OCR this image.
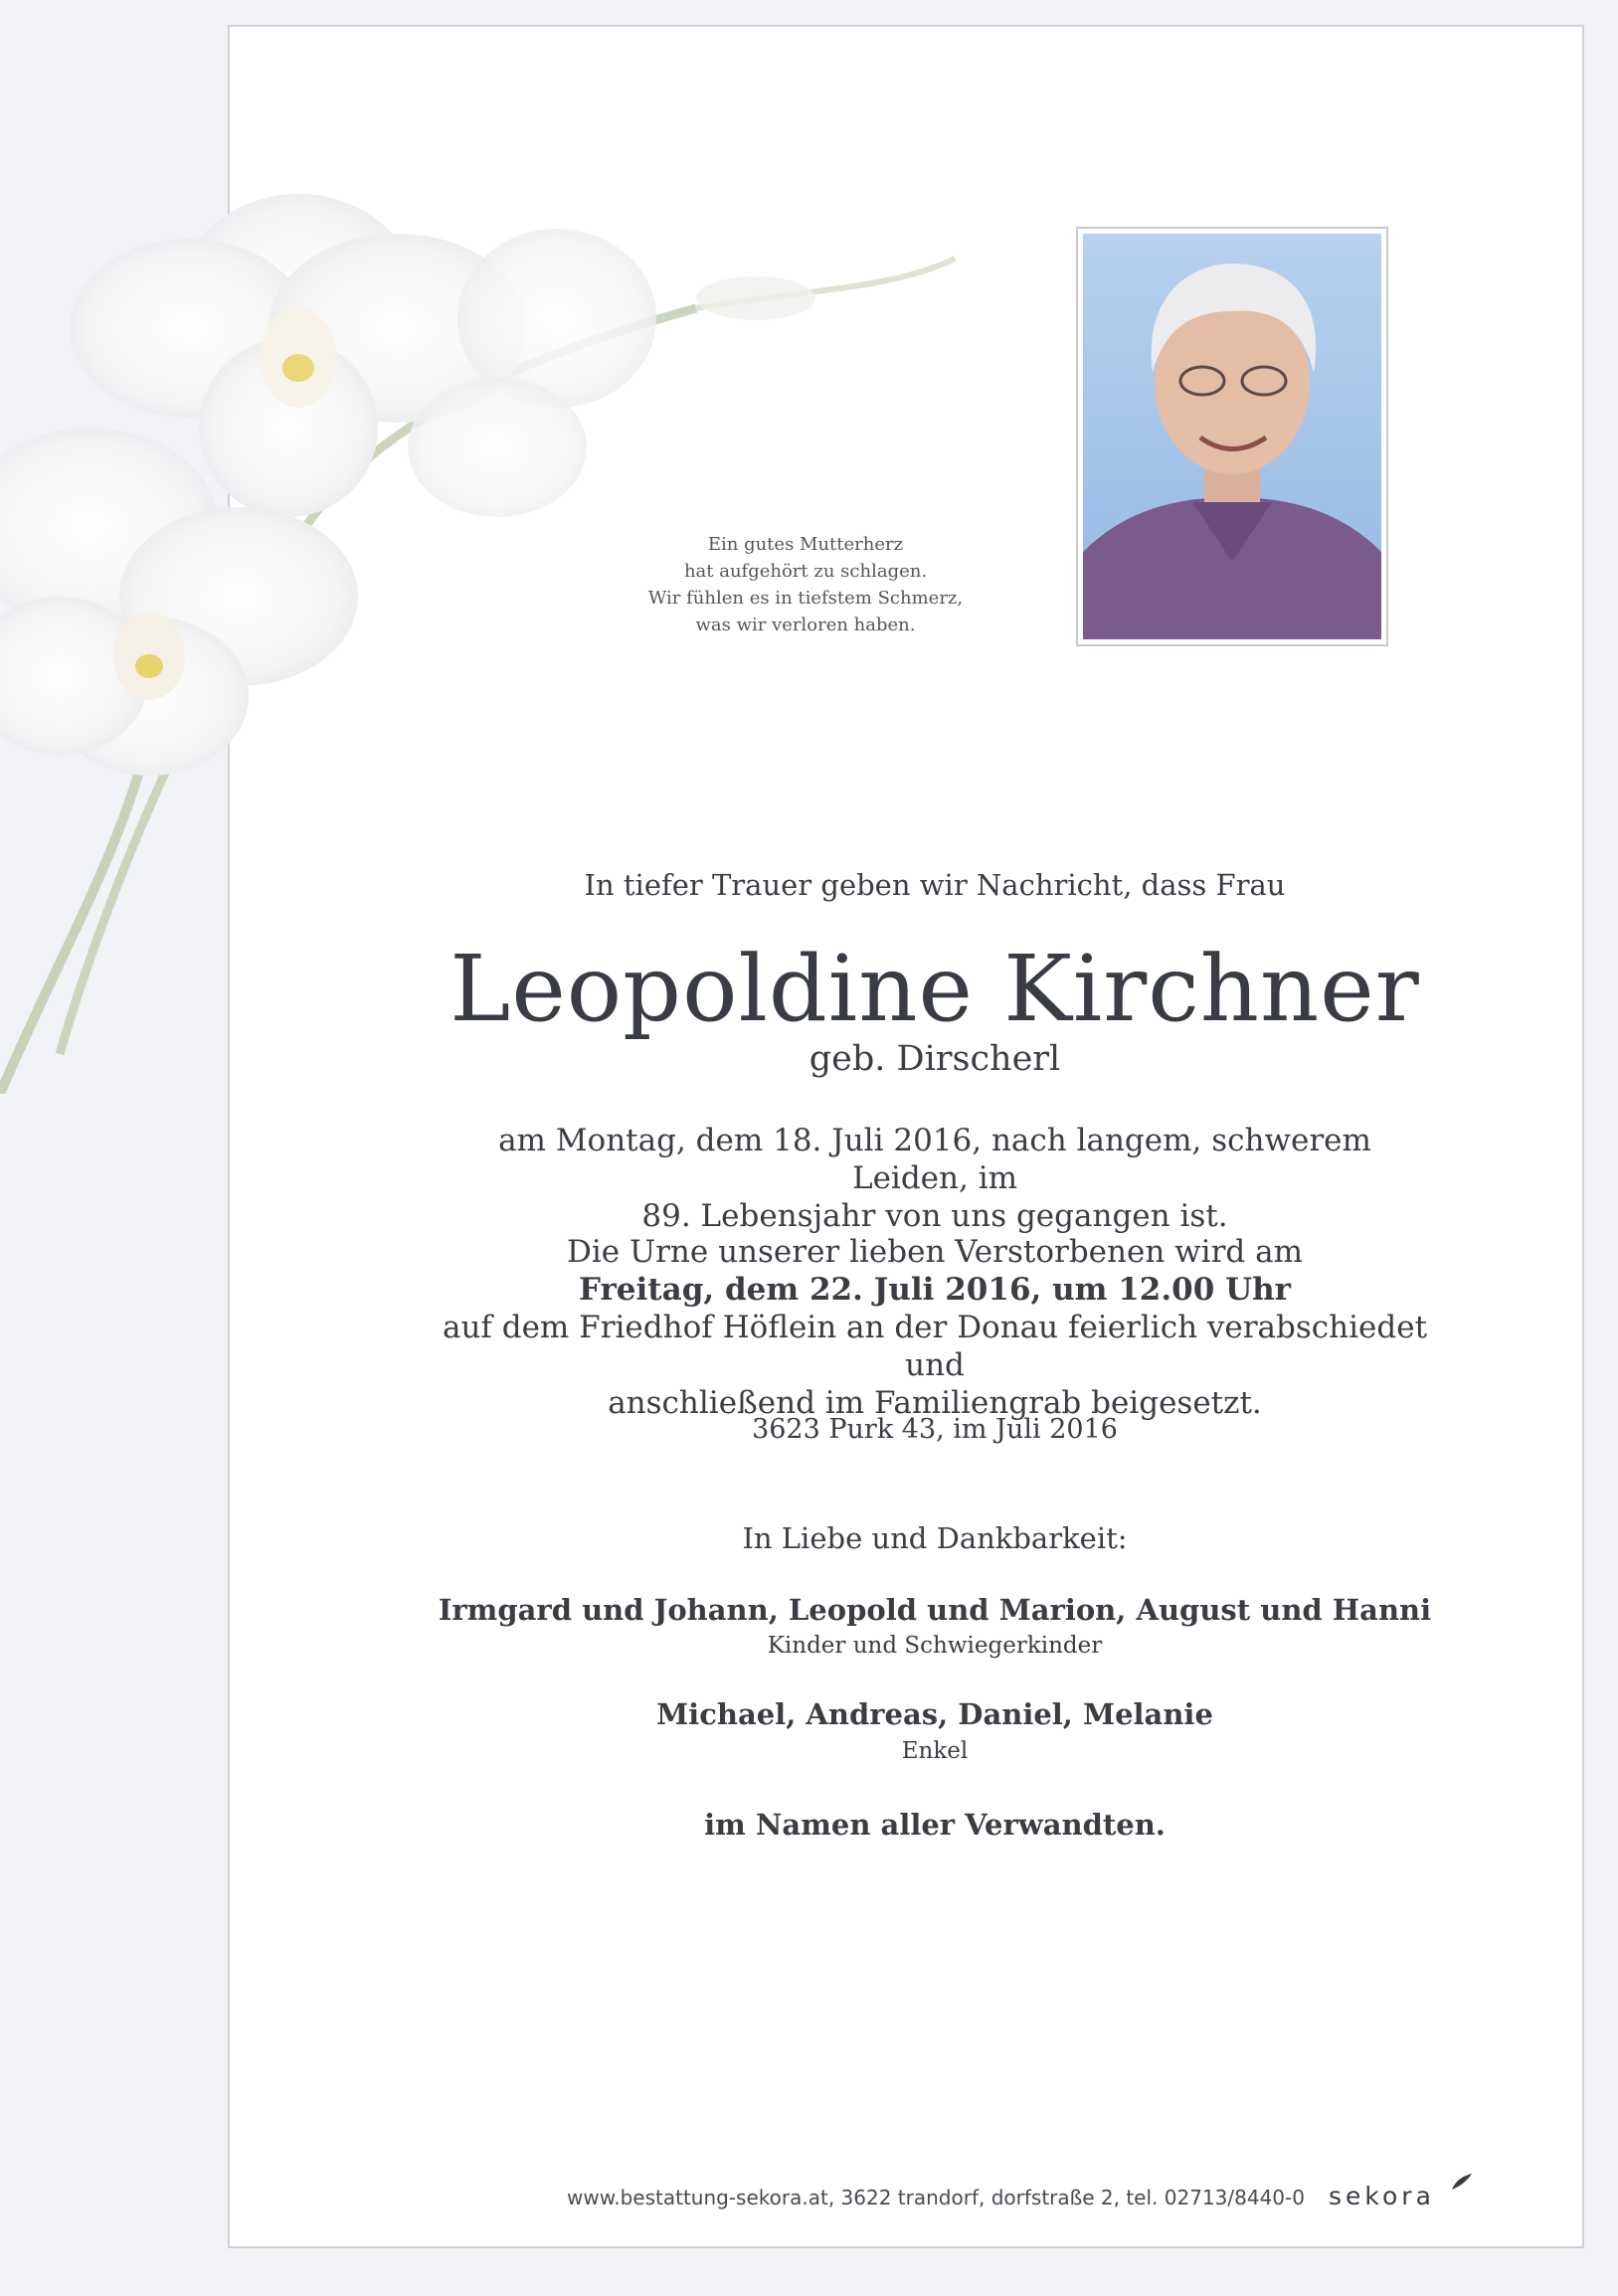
Ein gutes Mutterherz
hat aufgehört zu schlagen.
Wir fühlen es in tiefstem Schmerz,
was wir verloren haben.
In tiefer Trauer geben wir Nachricht, dass Frau
Leopoldine Kirchner
geb. Dirscherl
am Montag, dem 18. Juli 2016, nach langem, schwerem Leiden, im
89. Lebensjahr von uns gegangen ist.
Die Urne unserer lieben Verstorbenen wird am
Freitag, dem 22. Juli 2016, um 12.00 Uhr
auf dem Friedhof Höflein an der Donau feierlich verabschiedet und
anschließend im Familiengrab beigesetzt.
3623 Purk 43, im Juli 2016
In Liebe und Dankbarkeit:
Irmgard und Johann, Leopold und Marion, August und Hanni
Kinder und Schwiegerkinder
Michael, Andreas, Daniel, Melanie
Enkel
im Namen aller Verwandten.
www.bestattung-sekora.at, 3622 trandorf, dorfstraße 2, tel. 02713/8440-0 sekora
